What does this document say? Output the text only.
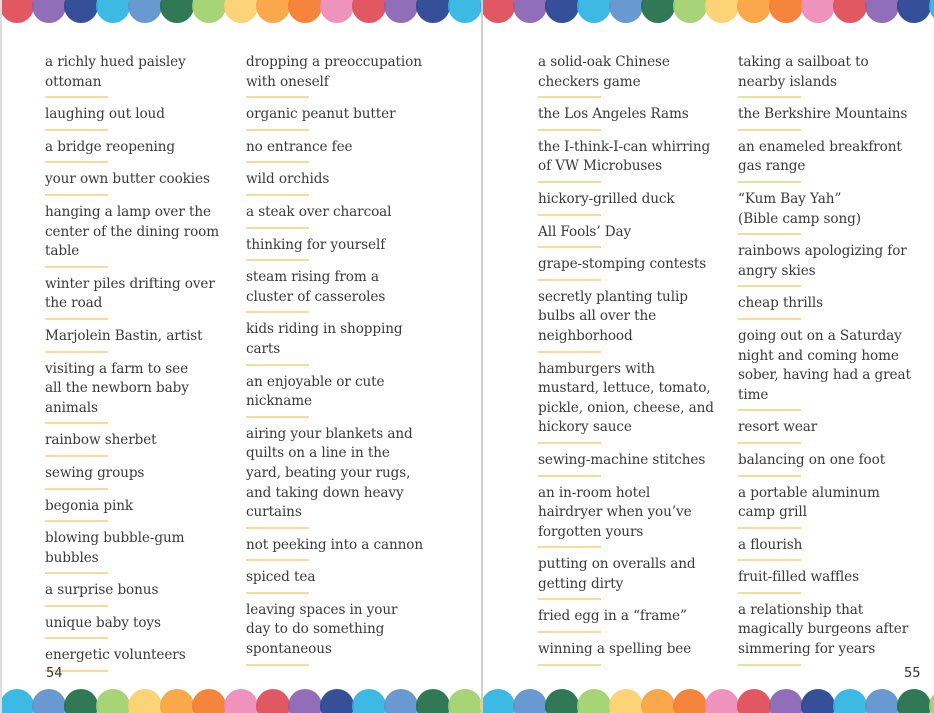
a richly hued paisley
ottoman
laughing out loud
a bridge reopening
your own butter cookies
hanging a lamp over the
center of the dining room
table
winter piles drifting over
the road
Marjolein Bastin, artist
visiting a farm to see
all the newborn baby
animals
rainbow sherbet
sewing groups
begonia pink
blowing bubble-gum
bubbles
a surprise bonus
unique baby toys
energetic volunteers
dropping a preoccupation
with oneself
organic peanut butter
no entrance fee
wild orchids
a steak over charcoal
thinking for yourself
steam rising from a
cluster of casseroles
kids riding in shopping
carts
an enjoyable or cute
nickname
airing your blankets and
quilts on a line in the
yard, beating your rugs,
and taking down heavy
curtains
not peeking into a cannon
spiced tea
leaving spaces in your
day to do something
spontaneous
54
a solid-oak Chinese
checkers game
the Los Angeles Rams
the I-think-I-can whirring
of VW Microbuses
hickory-grilled duck
All Fools’ Day
grape-stomping contests
secretly planting tulip
bulbs all over the
neighborhood
hamburgers with
mustard, lettuce, tomato,
pickle, onion, cheese, and
hickory sauce
sewing-machine stitches
an in-room hotel
hairdryer when you’ve
forgotten yours
putting on overalls and
getting dirty
fried egg in a “frame”
winning a spelling bee
taking a sailboat to
nearby islands
the Berkshire Mountains
an enameled breakfront
gas range
“Kum Bay Yah”
(Bible camp song)
rainbows apologizing for
angry skies
cheap thrills
going out on a Saturday
night and coming home
sober, having had a great
time
resort wear
balancing on one foot
a portable aluminum
camp grill
a flourish
fruit-filled waffles
a relationship that
magically burgeons after
simmering for years
55
